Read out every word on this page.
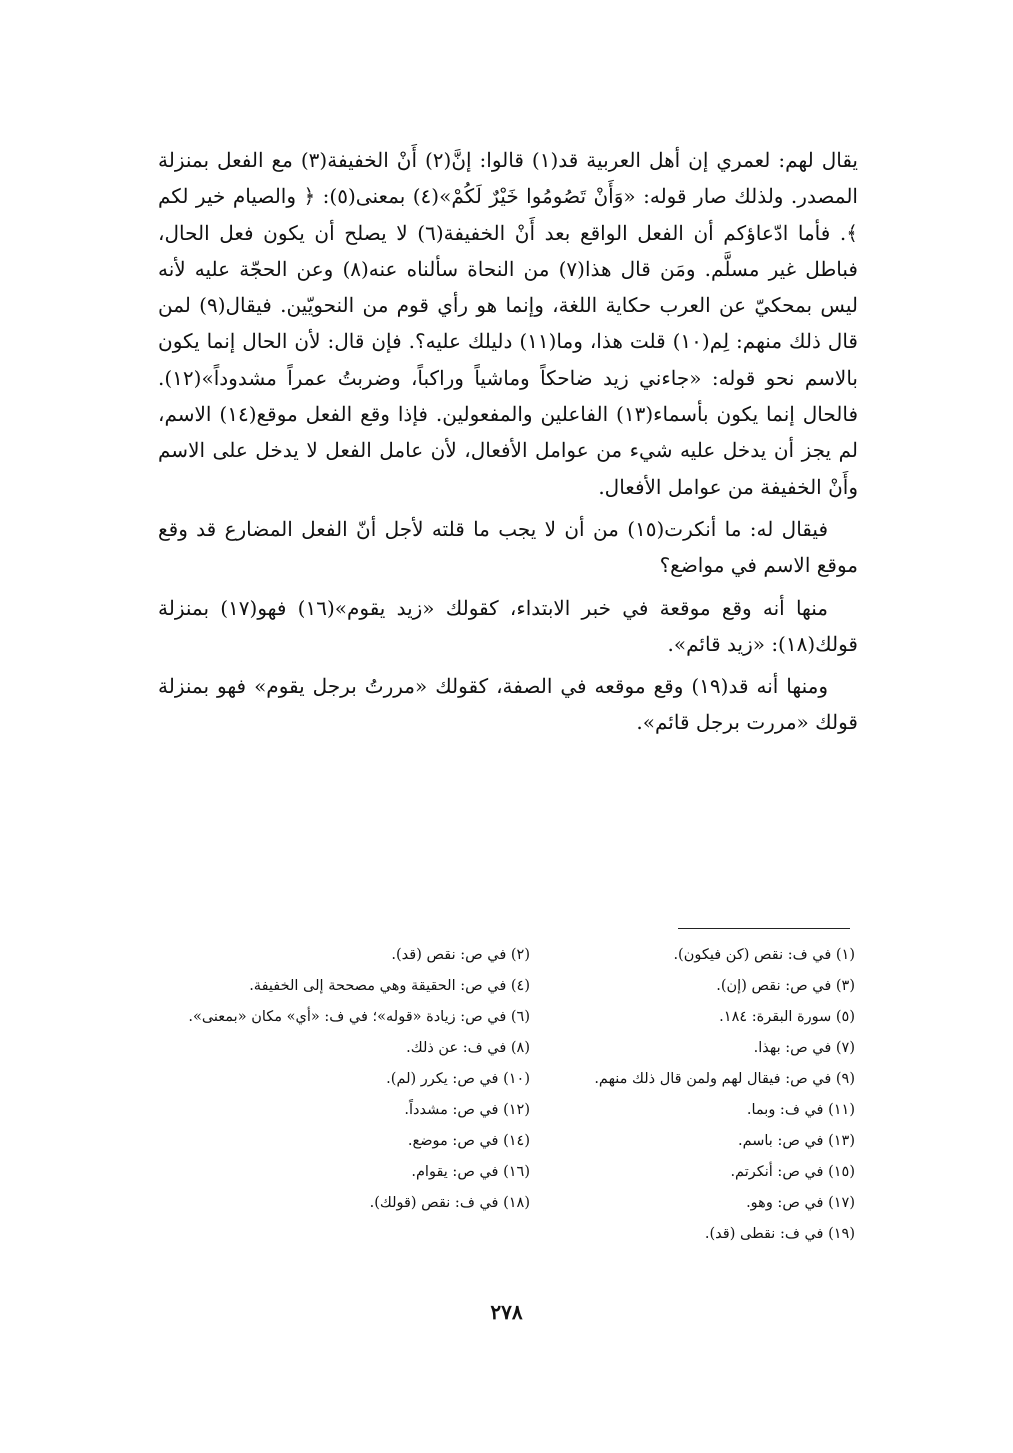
يقال لهم: لعمري إن أهل العربية قد(١) قالوا: إنَّ(٢) أَنْ الخفيفة(٣) مع الفعل بمنزلة المصدر. ولذلك صار قوله: «وَأَنْ تَصُومُوا خَيْرٌ لَكُمْ»(٤) بمعنى(٥): ﴿ والصيام خير لكم ﴾. فأما ادّعاؤكم أن الفعل الواقع بعد أَنْ الخفيفة(٦) لا يصلح أن يكون فعل الحال، فباطل غير مسلَّم. ومَن قال هذا(٧) من النحاة سألناه عنه(٨) وعن الحجّة عليه لأنه ليس بمحكيّ عن العرب حكاية اللغة، وإنما هو رأي قوم من النحويّين. فيقال(٩) لمن قال ذلك منهم: لِم(١٠) قلت هذا، وما(١١) دليلك عليه؟. فإن قال: لأن الحال إنما يكون بالاسم نحو قوله: «جاءني زيد ضاحكاً وماشياً وراكباً، وضربتُ عمراً مشدوداً»(١٢). فالحال إنما يكون بأسماء(١٣) الفاعلين والمفعولين. فإذا وقع الفعل موقع(١٤) الاسم، لم يجز أن يدخل عليه شيء من عوامل الأفعال، لأن عامل الفعل لا يدخل على الاسم وأَنْ الخفيفة من عوامل الأفعال.

فيقال له: ما أنكرت(١٥) من أن لا يجب ما قلته لأجل أنّ الفعل المضارع قد وقع موقع الاسم في مواضع؟

منها أنه وقع موقعة في خبر الابتداء، كقولك «زيد يقوم»(١٦) فهو(١٧) بمنزلة قولك(١٨): «زيد قائم».

ومنها أنه قد(١٩) وقع موقعه في الصفة، كقولك «مررتُ برجل يقوم» فهو بمنزلة قولك «مررت برجل قائم».

(١) في ف: نقص (كن فيكون).
(٣) في ص: نقص (إن).
(٥) سورة البقرة: ١٨٤.
(٧) في ص: بهذا.
(٩) في ص: فيقال لهم ولمن قال ذلك منهم.
(١١) في ف: وبما.
(١٣) في ص: باسم.
(١٥) في ص: أنكرتم.
(١٧) في ص: وهو.
(١٩) في ف: نقطى (قد).
(٢) في ص: نقص (قد).
(٤) في ص: الحقيقة وهي مصححة إلى الخفيفة.
(٦) في ص: زيادة «قوله»؛ في ف: «أي» مكان «بمعنى».
(٨) في ف: عن ذلك.
(١٠) في ص: يكرر (لم).
(١٢) في ص: مشدداً.
(١٤) في ص: موضع.
(١٦) في ص: يقوام.
(١٨) في ف: نقص (قولك).
٢٧٨
